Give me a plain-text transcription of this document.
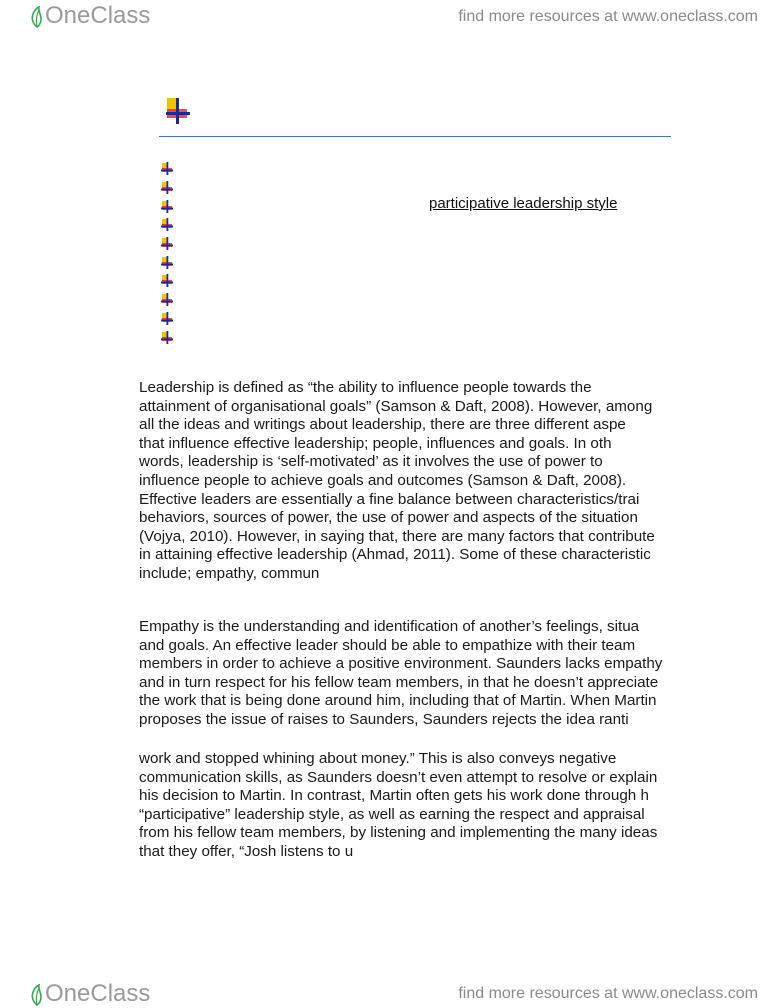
OneClass	find more resources at www.oneclass.com
participative leadership style

Leadership is defined as “the ability to influence people towards the
attainment of organisational goals” (Samson & Daft, 2008). However, among
all the ideas and writings about leadership, there are three different aspe
that influence effective leadership; people, influences and goals. In oth
words, leadership is ‘self-motivated’ as it involves the use of power to
influence people to achieve goals and outcomes (Samson & Daft, 2008).
Effective leaders are essentially a fine balance between characteristics/trai
behaviors, sources of power, the use of power and aspects of the situation
(Vojya, 2010). However, in saying that, there are many factors that contribute
in attaining effective leadership (Ahmad, 2011). Some of these characteristic
include; empathy, commun

Empathy is the understanding and identification of another’s feelings, situa
and goals. An effective leader should be able to empathize with their team
members in order to achieve a positive environment. Saunders lacks empathy
and in turn respect for his fellow team members, in that he doesn’t appreciate
the work that is being done around him, including that of Martin. When Martin
proposes the issue of raises to Saunders, Saunders rejects the idea ranti

work and stopped whining about money.” This is also conveys negative
communication skills, as Saunders doesn’t even attempt to resolve or explain
his decision to Martin. In contrast, Martin often gets his work done through h
“participative” leadership style, as well as earning the respect and appraisal
from his fellow team members, by listening and implementing the many ideas
that they offer, “Josh listens to u

OneClass	find more resources at www.oneclass.com
